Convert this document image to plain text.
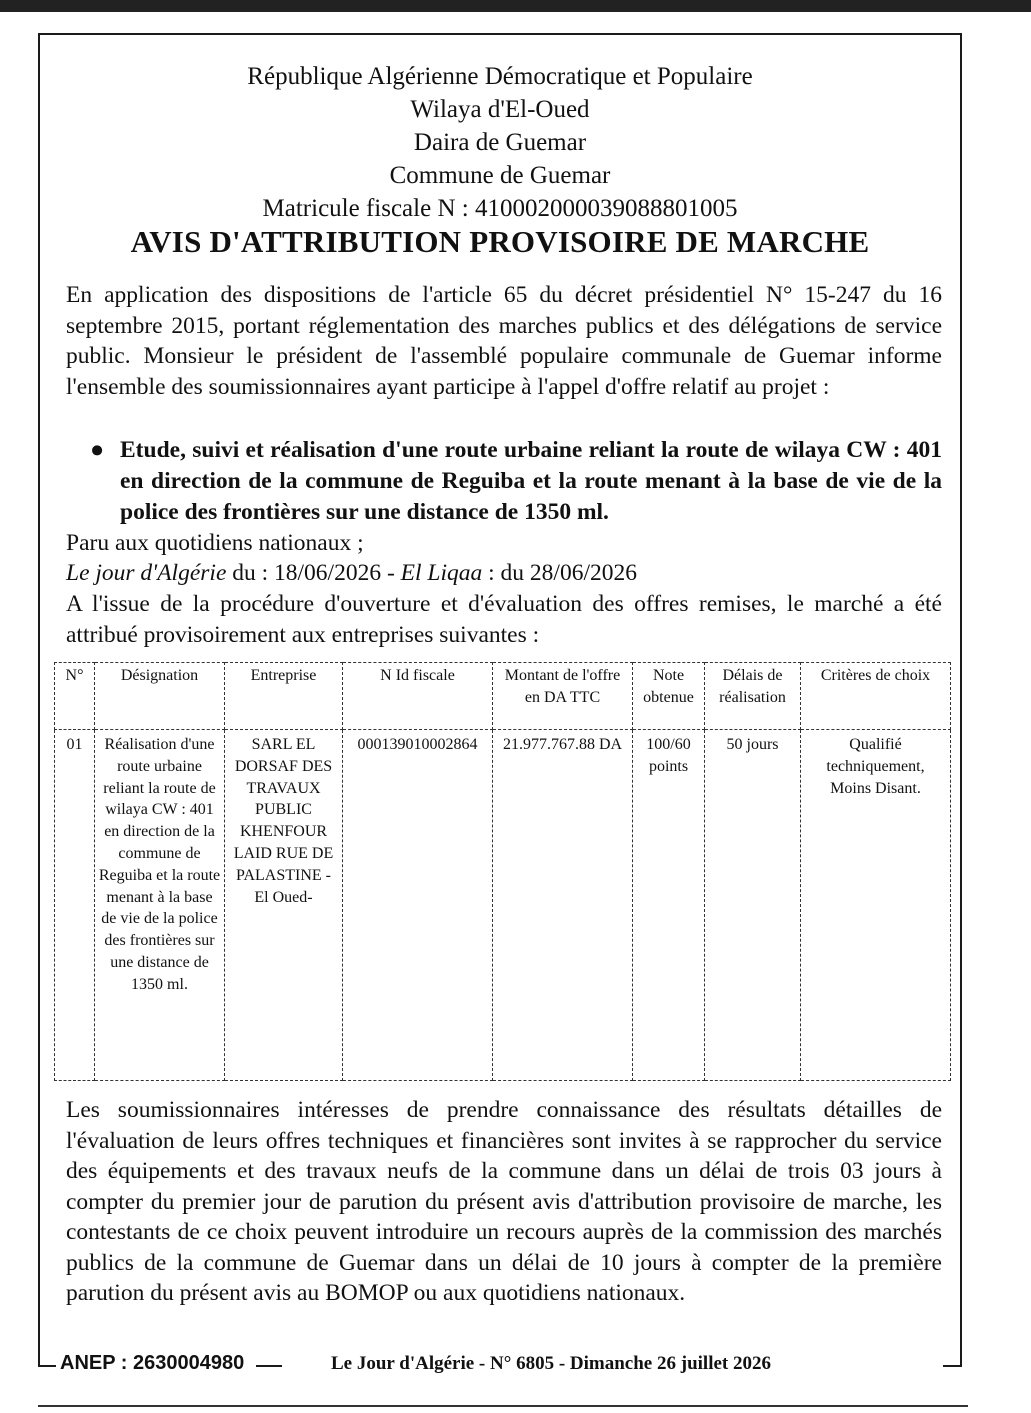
République Algérienne Démocratique et Populaire
Wilaya d'El-Oued
Daira de Guemar
Commune de Guemar
Matricule fiscale N : 410002000039088801005
AVIS D'ATTRIBUTION PROVISOIRE DE MARCHE
En application des dispositions de l'article 65 du décret présidentiel N° 15-247 du 16 septembre 2015, portant réglementation des marches publics et des délégations de service public. Monsieur le président de l'assemblé populaire communale de Guemar informe l'ensemble des soumissionnaires ayant participe à l'appel d'offre relatif au projet :
● Etude, suivi et réalisation d'une route urbaine reliant la route de wilaya CW : 401 en direction de la commune de Reguiba et la route menant à la base de vie de la police des frontières sur une distance de 1350 ml.
Paru aux quotidiens nationaux ;
Le jour d'Algérie du : 18/06/2026 - El Liqaa : du 28/06/2026
A l'issue de la procédure d'ouverture et d'évaluation des offres remises, le marché a été attribué provisoirement aux entreprises suivantes :
N°	Désignation	Entreprise	N Id fiscale	Montant de l'offre en DA TTC	Note obtenue	Délais de réalisation	Critères de choix
01	Réalisation d'une route urbaine reliant la route de wilaya CW : 401 en direction de la commune de Reguiba et la route menant à la base de vie de la police des frontières sur une distance de 1350 ml.	SARL EL DORSAF DES TRAVAUX PUBLIC KHENFOUR LAID RUE DE PALASTINE - El Oued-	000139010002864	21.977.767.88 DA	100/60 points	50 jours	Qualifié techniquement, Moins Disant.
Les soumissionnaires intéresses de prendre connaissance des résultats détailles de l'évaluation de leurs offres techniques et financières sont invites à se rapprocher du service des équipements et des travaux neufs de la commune dans un délai de trois 03 jours à compter du premier jour de parution du présent avis d'attribution provisoire de marche, les contestants de ce choix peuvent introduire un recours auprès de la commission des marchés publics de la commune de Guemar dans un délai de 10 jours à compter de la première parution du présent avis au BOMOP ou aux quotidiens nationaux.
ANEP : 2630004980	Le Jour d'Algérie - N° 6805 - Dimanche 26 juillet 2026
